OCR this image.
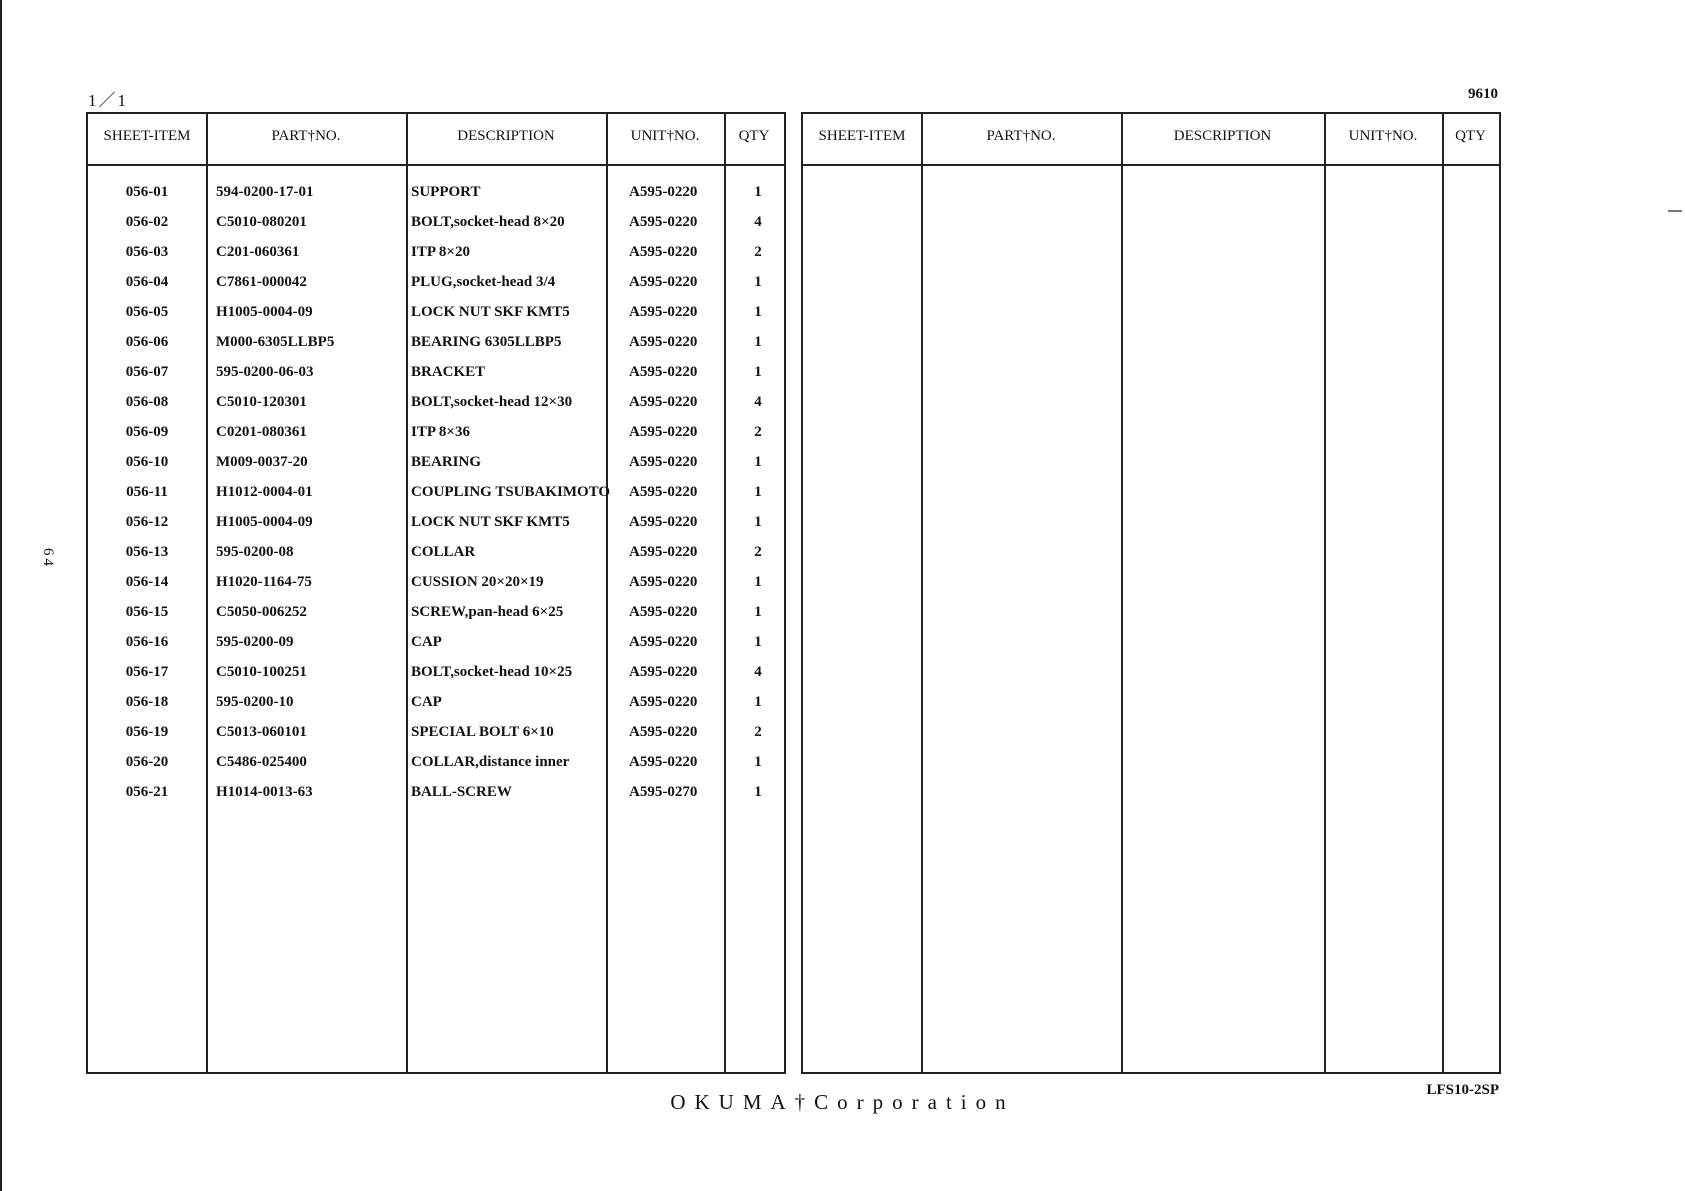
1／1	9610
64
SHEET-ITEM	PART†NO.	DESCRIPTION	UNIT†NO.	QTY
056-01	594-0200-17-01	SUPPORT	A595-0220	1
056-02	C5010-080201	BOLT,socket-head 8×20	A595-0220	4
056-03	C201-060361	ITP 8×20	A595-0220	2
056-04	C7861-000042	PLUG,socket-head 3/4	A595-0220	1
056-05	H1005-0004-09	LOCK NUT SKF KMT5	A595-0220	1
056-06	M000-6305LLBP5	BEARING 6305LLBP5	A595-0220	1
056-07	595-0200-06-03	BRACKET	A595-0220	1
056-08	C5010-120301	BOLT,socket-head 12×30	A595-0220	4
056-09	C0201-080361	ITP 8×36	A595-0220	2
056-10	M009-0037-20	BEARING	A595-0220	1
056-11	H1012-0004-01	COUPLING TSUBAKIMOTO A595-0220	1
056-12	H1005-0004-09	LOCK NUT SKF KMT5	A595-0220	1
056-13	595-0200-08	COLLAR	A595-0220	2
056-14	H1020-1164-75	CUSSION 20×20×19	A595-0220	1
056-15	C5050-006252	SCREW,pan-head 6×25	A595-0220	1
056-16	595-0200-09	CAP	A595-0220	1
056-17	C5010-100251	BOLT,socket-head 10×25	A595-0220	4
056-18	595-0200-10	CAP	A595-0220	1
056-19	C5013-060101	SPECIAL BOLT 6×10	A595-0220	2
056-20	C5486-025400	COLLAR,distance inner	A595-0220	1
056-21	H1014-0013-63	BALL-SCREW	A595-0270	1
SHEET-ITEM	PART†NO.	DESCRIPTION	UNIT†NO.	QTY
OKUMA†Corporation	LFS10-2SP
